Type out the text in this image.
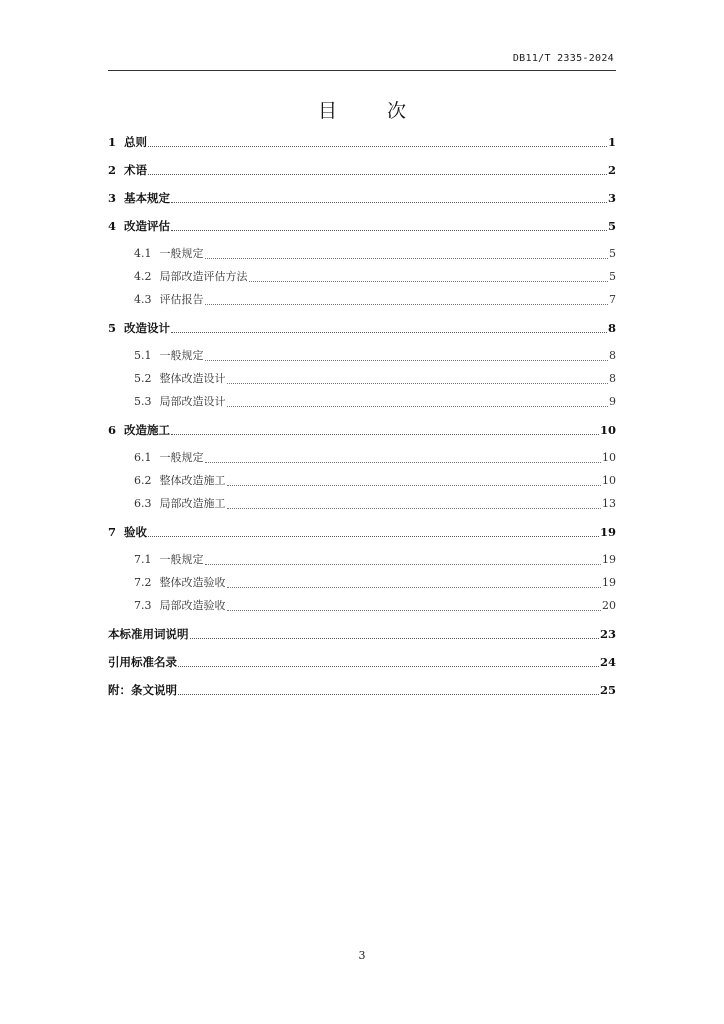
DB11/T 2335-2024
目 次
1 总则	1
2 术语	2
3 基本规定	3
4 改造评估	5
4.1 一般规定	5
4.2 局部改造评估方法	5
4.3 评估报告	7
5 改造设计	8
5.1 一般规定	8
5.2 整体改造设计	8
5.3 局部改造设计	9
6 改造施工	10
6.1 一般规定	10
6.2 整体改造施工	10
6.3 局部改造施工	13
7 验收	19
7.1 一般规定	19
7.2 整体改造验收	19
7.3 局部改造验收	20
本标准用词说明	23
引用标准名录	24
附：条文说明	25
3
